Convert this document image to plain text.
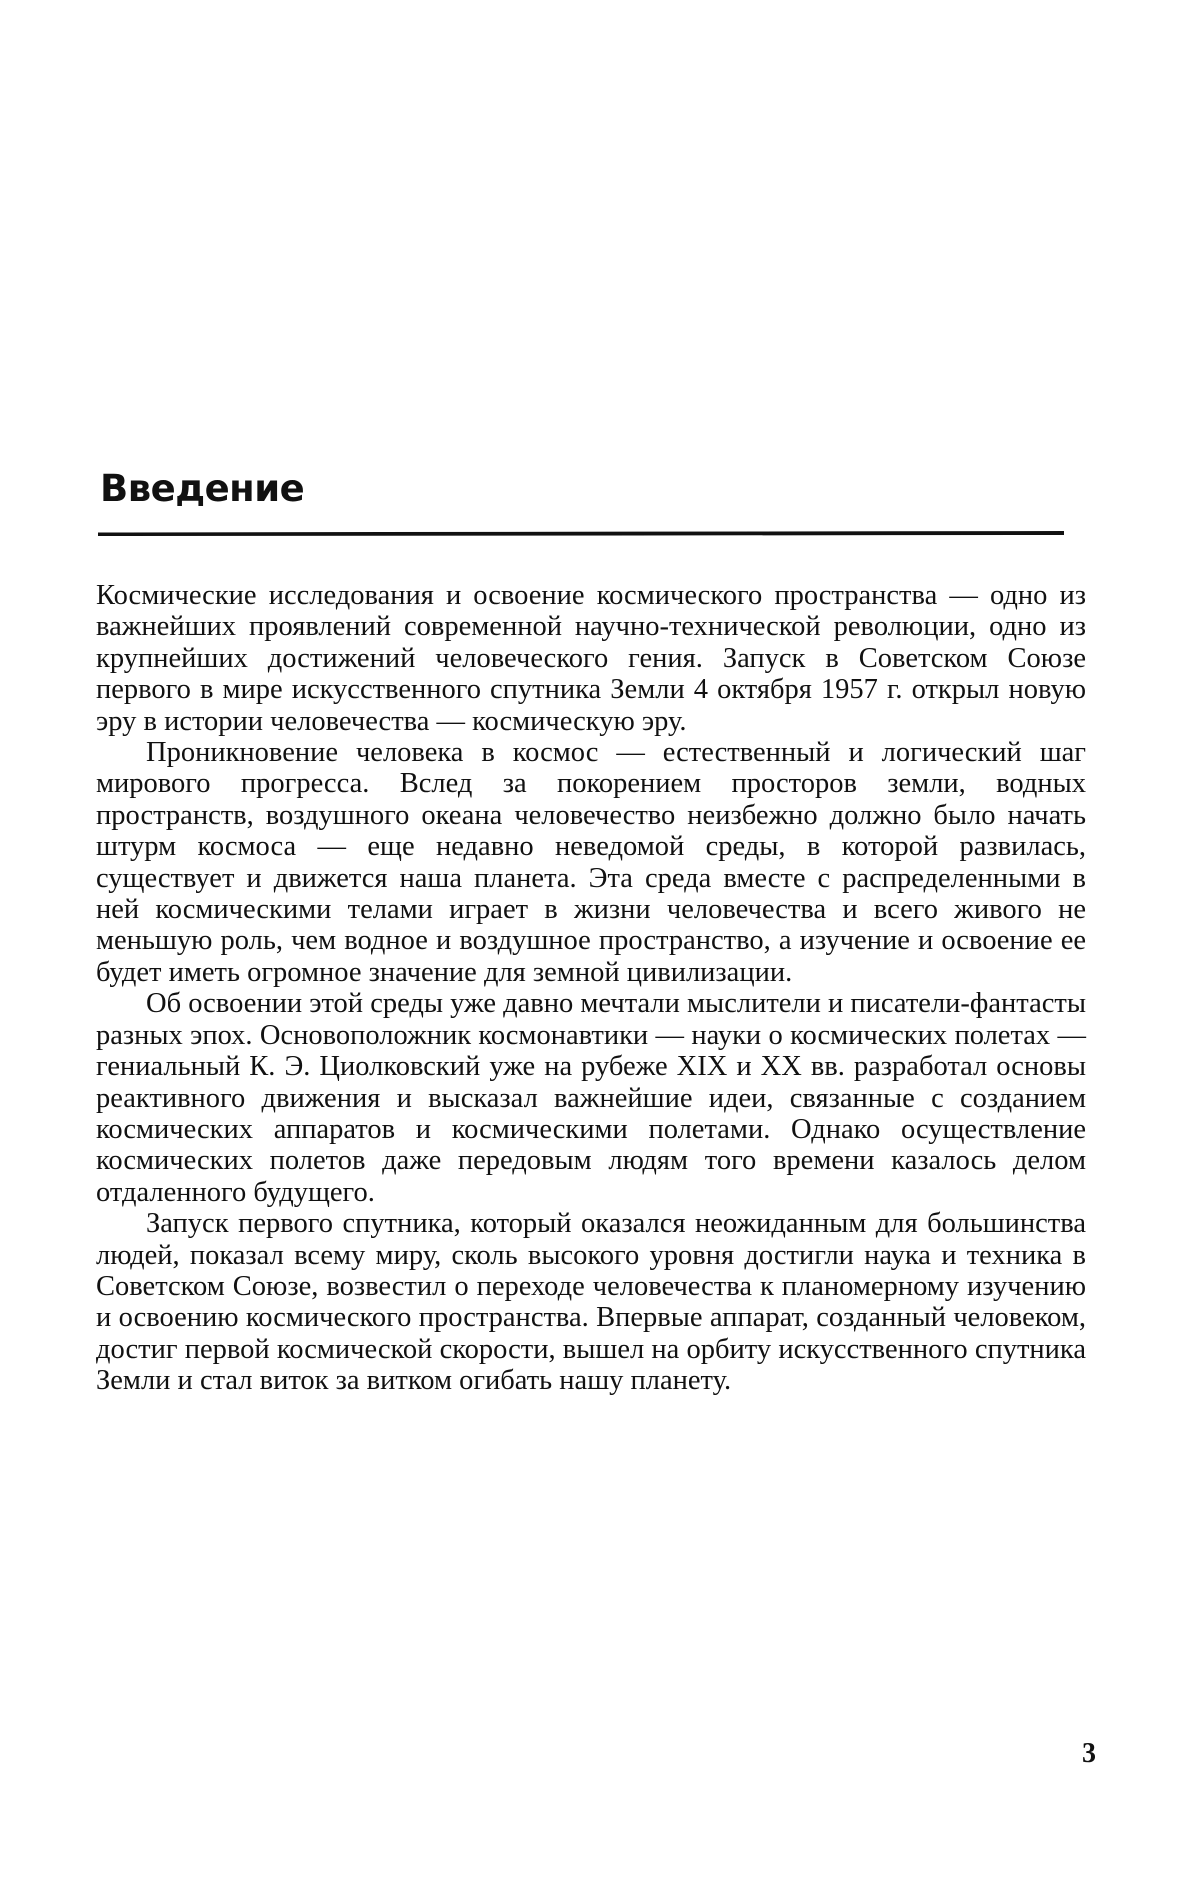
Введение

Космические исследования и освоение космического пространства — одно из важнейших проявлений современной научно-технической революции, одно из крупнейших достижений человеческого гения. Запуск в Советском Союзе первого в мире искусственного спутника Земли 4 октября 1957 г. открыл новую эру в истории человечества — космическую эру.

Проникновение человека в космос — естественный и логический шаг мирового прогресса. Вслед за покорением просторов земли, водных пространств, воздушного океана человечество неизбежно должно было начать штурм космоса — еще недавно неведомой среды, в которой развилась, существует и движется наша планета. Эта среда вместе с распределенными в ней космическими телами играет в жизни человечества и всего живого не меньшую роль, чем водное и воздушное пространство, а изучение и освоение ее будет иметь огромное значение для земной цивилизации.

Об освоении этой среды уже давно мечтали мыслители и писатели-фантасты разных эпох. Основоположник космонавтики — науки о космических полетах — гениальный К. Э. Циолковский уже на рубеже XIX и XX вв. разработал основы реактивного движения и высказал важнейшие идеи, связанные с созданием космических аппаратов и космическими полетами. Однако осуществление космических полетов даже передовым людям того времени казалось делом отдаленного будущего.

Запуск первого спутника, который оказался неожиданным для большинства людей, показал всему миру, сколь высокого уровня достигли наука и техника в Советском Союзе, возвестил о переходе человечества к планомерному изучению и освоению космического пространства. Впервые аппарат, созданный человеком, достиг первой космической скорости, вышел на орбиту искусственного спутника Земли и стал виток за витком огибать нашу планету.

3
